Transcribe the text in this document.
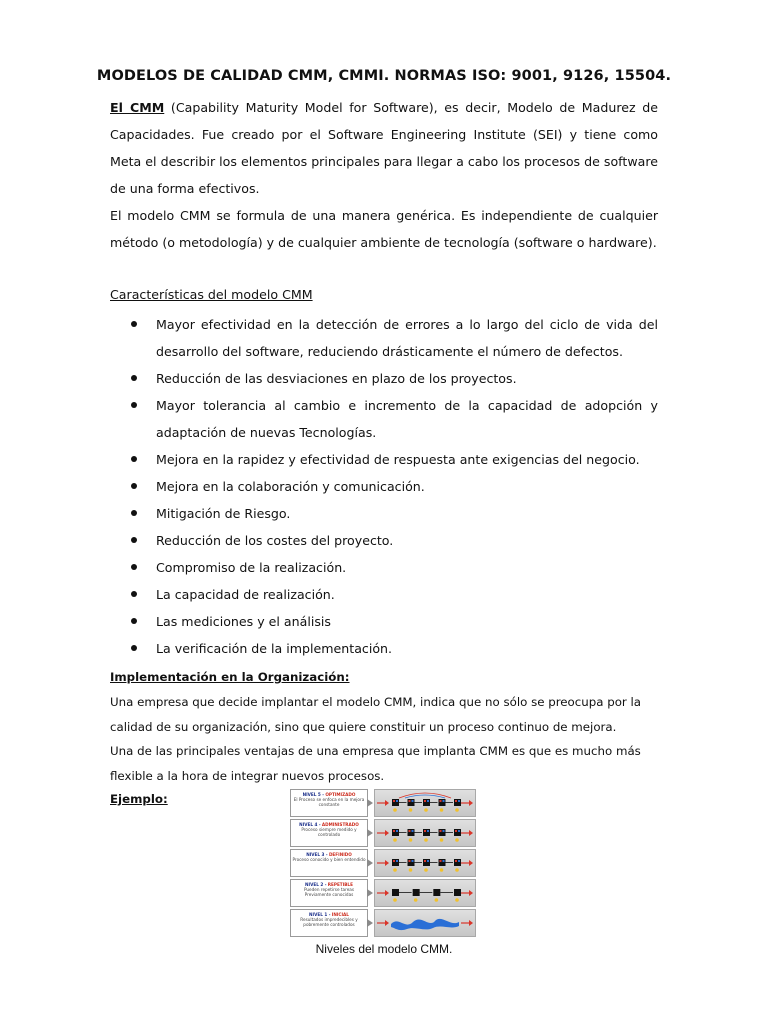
MODELOS DE CALIDAD CMM, CMMI. NORMAS ISO: 9001, 9126, 15504.
El CMM (Capability Maturity Model for Software), es decir, Modelo de Madurez de Capacidades. Fue creado por el Software Engineering Institute (SEI) y tiene como Meta el describir los elementos principales para llegar a cabo los procesos de software de una forma efectivos.
El modelo CMM se formula de una manera genérica. Es independiente de cualquier método (o metodología) y de cualquier ambiente de tecnología (software o hardware).
Características del modelo CMM
Mayor efectividad en la detección de errores a lo largo del ciclo de vida del desarrollo del software, reduciendo drásticamente el número de defectos.
Reducción de las desviaciones en plazo de los proyectos.
Mayor tolerancia al cambio e incremento de la capacidad de adopción y adaptación de nuevas Tecnologías.
Mejora en la rapidez y efectividad de respuesta ante exigencias del negocio.
Mejora en la colaboración y comunicación.
Mitigación de Riesgo.
Reducción de los costes del proyecto.
Compromiso de la realización.
La capacidad de realización.
Las mediciones y el análisis
La verificación de la implementación.
Implementación en la Organización:
Una empresa que decide implantar el modelo CMM, indica que no sólo se preocupa por la calidad de su organización, sino que quiere constituir un proceso continuo de mejora.
Una de las principales ventajas de una empresa que implanta CMM es que es mucho más flexible a la hora de integrar nuevos procesos.
Ejemplo:	NIVEL 5 - OPTIMIZADO
El Proceso se enfoca en la mejora constante
NIVEL 4 - ADMINISTRADO
Proceso siempre medido y controlado
NIVEL 3 - DEFINIDO
Proceso conocido y bien entendido
NIVEL 2 - REPETIBLE
Pueden repetirse tareas Previamente conocidas
NIVEL 1 - INICIAL
Resultados impredecibles y pobremente controlados
Niveles del modelo CMM.
